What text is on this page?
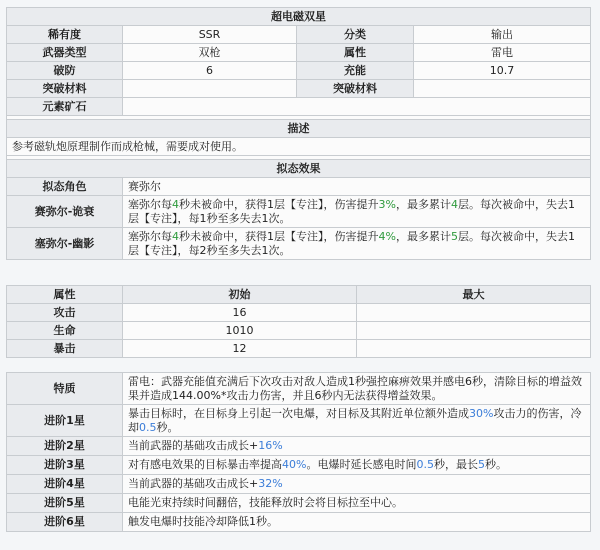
超电磁双星			
稀有度	SSR	分类	输出
武器类型	双枪	属性	雷电
破防	6	充能	10.7
突破材料		突破材料	
元素矿石			

描述			
参考磁轨炮原理制作而成枪械，需要成对使用。			

拟态效果			
拟态角色	赛弥尔		
赛弥尔-诡衰	塞弥尔每4秒未被命中，获得1层【专注】，伤害提升3%，最多累计4层。每次被命中，失去1层【专注】，每1秒至多失去1次。		
塞弥尔-幽影	塞弥尔每4秒未被命中，获得1层【专注】，伤害提升4%，最多累计5层。每次被命中，失去1层【专注】，每2秒至多失去1次。		
属性	初始	最大
攻击	16	
生命	1010	
暴击	12	
特质	雷电：武器充能值充满后下次攻击对敌人造成1秒强控麻痹效果并感电6秒，清除目标的增益效果并造成144.00%*攻击力伤害，并且6秒内无法获得增益效果。
进阶1星	暴击目标时，在目标身上引起一次电爆，对目标及其附近单位额外造成30%攻击力的伤害，冷却0.5秒。
进阶2星	当前武器的基础攻击成长+16%
进阶3星	对有感电效果的目标暴击率提高40%。电爆时延长感电时间0.5秒，最长5秒。
进阶4星	当前武器的基础攻击成长+32%
进阶5星	电能光束持续时间翻倍，技能释放时会将目标拉至中心。
进阶6星	触发电爆时技能冷却降低1秒。
